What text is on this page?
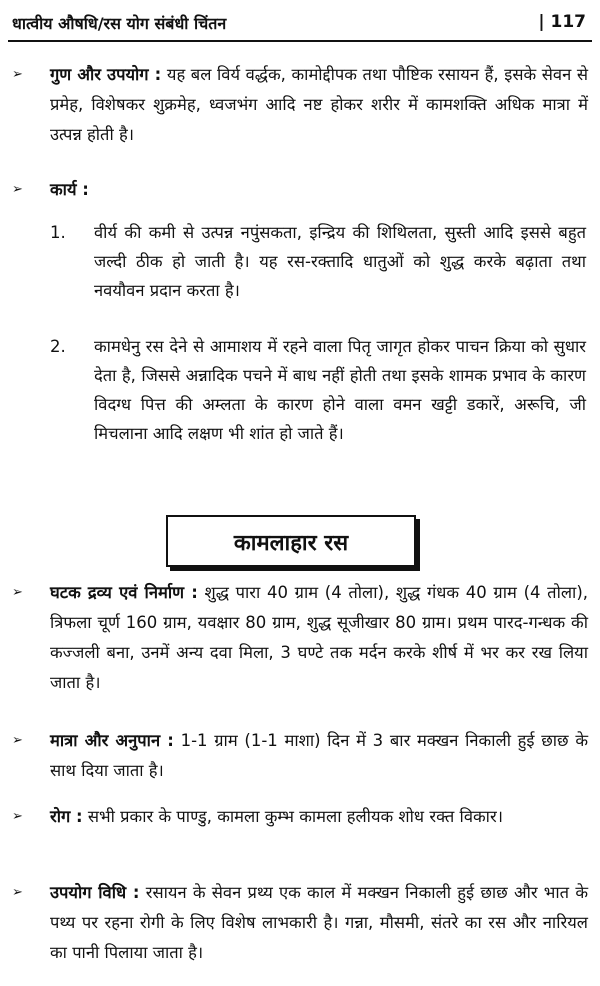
धात्वीय औषधि/रस योग संबंधी चिंतन	| 117
➢ गुण और उपयोग : यह बल विर्य वर्द्धक, कामोद्दीपक तथा पौष्टिक रसायन हैं, इसके सेवन से प्रमेह, विशेषकर शुक्रमेह, ध्वजभंग आदि नष्ट होकर शरीर में कामशक्ति अधिक मात्रा में उत्पन्न होती है।
➢ कार्य :
1. वीर्य की कमी से उत्पन्न नपुंसकता, इन्द्रिय की शिथिलता, सुस्ती आदि इससे बहुत जल्दी ठीक हो जाती है। यह रस-रक्तादि धातुओं को शुद्ध करके बढ़ाता तथा नवयौवन प्रदान करता है।
2. कामधेनु रस देने से आमाशय में रहने वाला पितृ जागृत होकर पाचन क्रिया को सुधार देता है, जिससे अन्नादिक पचने में बाध नहीं होती तथा इसके शामक प्रभाव के कारण विदग्ध पित्त की अम्लता के कारण होने वाला वमन खट्टी डकारें, अरूचि, जी मिचलाना आदि लक्षण भी शांत हो जाते हैं।
कामलाहार रस
➢ घटक द्रव्य एवं निर्माण : शुद्ध पारा 40 ग्राम (4 तोला), शुद्ध गंधक 40 ग्राम (4 तोला), त्रिफला चूर्ण 160 ग्राम, यवक्षार 80 ग्राम, शुद्ध सूजीखार 80 ग्राम। प्रथम पारद-गन्धक की कज्जली बना, उनमें अन्य दवा मिला, 3 घण्टे तक मर्दन करके शीर्ष में भर कर रख लिया जाता है।
➢ मात्रा और अनुपान : 1-1 ग्राम (1-1 माशा) दिन में 3 बार मक्खन निकाली हुई छाछ के साथ दिया जाता है।
➢ रोग : सभी प्रकार के पाण्डु, कामला कुम्भ कामला हलीयक शोध रक्त विकार।
➢ उपयोग विधि : रसायन के सेवन प्रथ्य एक काल में मक्खन निकाली हुई छाछ और भात के पथ्य पर रहना रोगी के लिए विशेष लाभकारी है। गन्ना, मौसमी, संतरे का रस और नारियल का पानी पिलाया जाता है।
